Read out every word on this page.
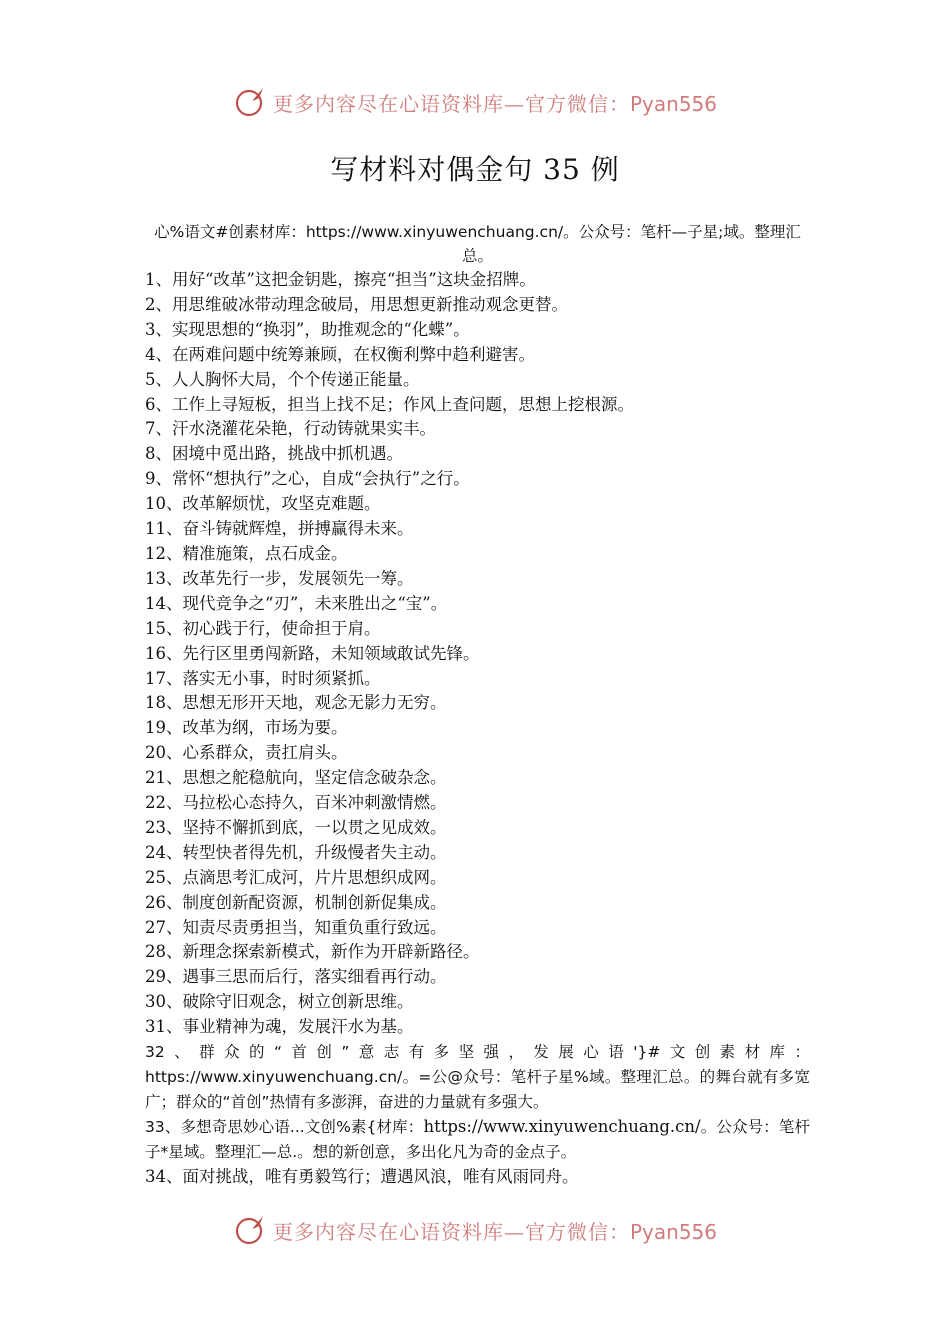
更多内容尽在心语资料库—官方微信：Pyan556
写材料对偶金句 35 例
心%语文#创素材库：https://www.xinyuwenchuang.cn/。公众号：笔杆—子星;域。整理汇总。
1、用好“改革”这把金钥匙，擦亮“担当”这块金招牌。
2、用思维破冰带动理念破局，用思想更新推动观念更替。
3、实现思想的“换羽”，助推观念的“化蝶”。
4、在两难问题中统筹兼顾，在权衡利弊中趋利避害。
5、人人胸怀大局，个个传递正能量。
6、工作上寻短板，担当上找不足；作风上查问题，思想上挖根源。
7、汗水浇灌花朵艳，行动铸就果实丰。
8、困境中觅出路，挑战中抓机遇。
9、常怀“想执行”之心，自成“会执行”之行。
10、改革解烦忧，攻坚克难题。
11、奋斗铸就辉煌，拼搏赢得未来。
12、精准施策，点石成金。
13、改革先行一步，发展领先一筹。
14、现代竞争之“刃”，未来胜出之“宝”。
15、初心践于行，使命担于肩。
16、先行区里勇闯新路，未知领域敢试先锋。
17、落实无小事，时时须紧抓。
18、思想无形开天地，观念无影力无穷。
19、改革为纲，市场为要。
20、心系群众，责扛肩头。
21、思想之舵稳航向，坚定信念破杂念。
22、马拉松心态持久，百米冲刺激情燃。
23、坚持不懈抓到底，一以贯之见成效。
24、转型快者得先机，升级慢者失主动。
25、点滴思考汇成河，片片思想织成网。
26、制度创新配资源，机制创新促集成。
27、知责尽责勇担当，知重负重行致远。
28、新理念探索新模式，新作为开辟新路径。
29、遇事三思而后行，落实细看再行动。
30、破除守旧观念，树立创新思维。
31、事业精神为魂，发展汗水为基。
32、群众的“首创”意志有多坚强，发展心语'}#文创素材库：https://www.xinyuwenchuang.cn/。=公@众号：笔杆子星%域。整理汇总。的舞台就有多宽广；群众的“首创”热情有多澎湃，奋进的力量就有多强大。
33、多想奇思妙心语...文创%素{材库：https://www.xinyuwenchuang.cn/。公众号：笔杆子*星域。整理汇—总.。想的新创意，多出化凡为奇的金点子。
34、面对挑战，唯有勇毅笃行；遭遇风浪，唯有风雨同舟。
更多内容尽在心语资料库—官方微信：Pyan556
